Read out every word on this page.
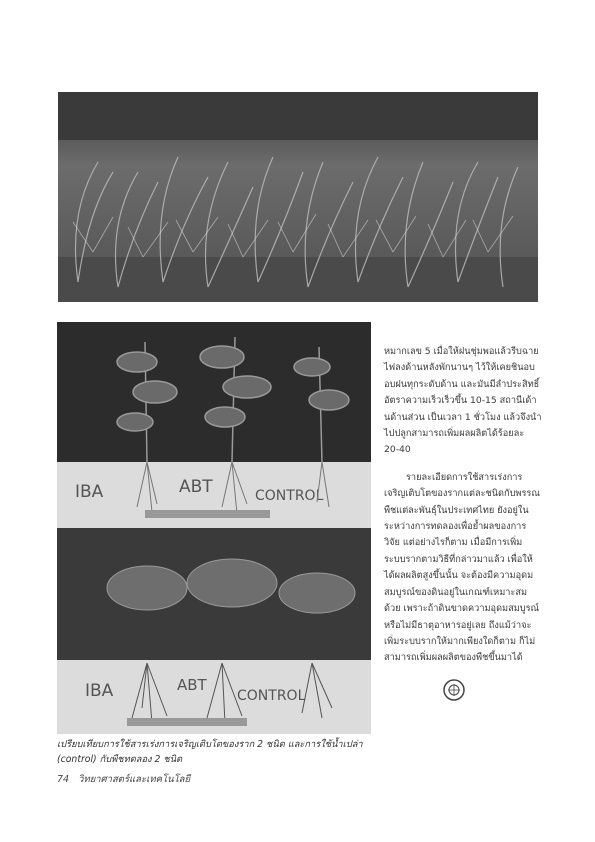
IBA	ABT	CONTROL
IBA	ABT
CONTROL

หมากเลข 5 เมื่อให้ฝนชุ่มพอแล้วรีบฉายไฟลงด้านหลังพักนานๆ ไว้ให้เคยชินอบอบฝนทุกระดับด้าน และมันมีลำประสิทธิ์ อัตราความเร็วเร็วขึ้น 10-15 สถานีเด้านด้านส่วน เป็นเวลา 1 ชั่วโมง แล้วจึงนำไปปลูกสามารถเพิ่มผลผลิตได้ร้อยละ 20-40

รายละเอียดการใช้สารเร่งการเจริญเติบโตของรากแต่ละชนิดกับพรรณพืชแต่ละพันธุ์ในประเทศไทย ยังอยู่ในระหว่างการทดลองเพื่อย้ำผลของการวิจัย แต่อย่างไรก็ตาม เมื่อมีการเพิ่มระบบรากตามวิธีที่กล่าวมาแล้ว เพื่อให้ได้ผลผลิตสูงขึ้นนั้น จะต้องมีความอุดมสมบูรณ์ของดินอยู่ในเกณฑ์เหมาะสมด้วย เพราะถ้าดินขาดความอุดมสมบูรณ์หรือไม่มีธาตุอาหารอยู่เลย ถึงแม้ว่าจะเพิ่มระบบรากให้มากเพียงใดก็ตาม ก็ไม่สามารถเพิ่มผลผลิตของพืชขึ้นมาได้

เปรียบเทียบการใช้สารเร่งการเจริญเติบโตของราก 2 ชนิด และการใช้น้ำเปล่า (control) กับพืชทดลอง 2 ชนิด
74 วิทยาศาสตร์และเทคโนโลยี
